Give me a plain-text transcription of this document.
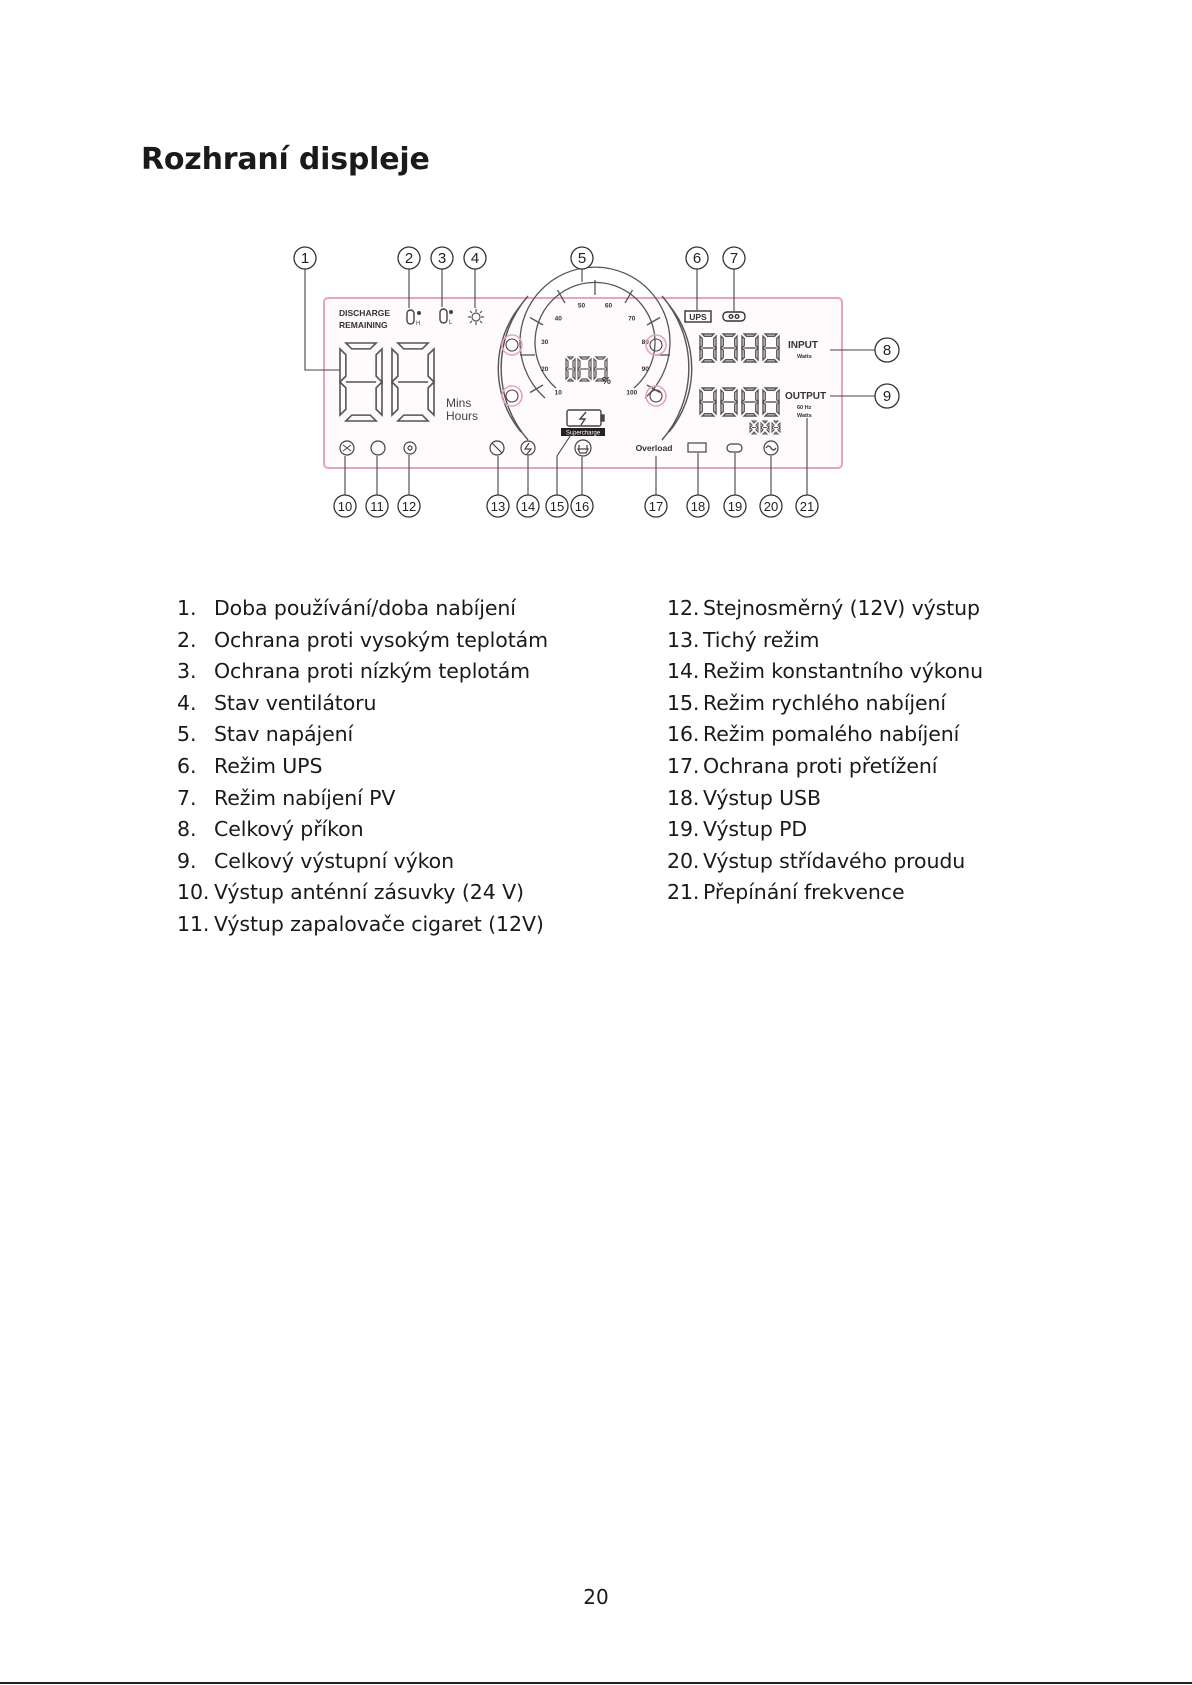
Rozhraní displeje
DISCHARGE
REMAINING
Mins
Hours
H	L
10
20
30
40
50	60
70
80
90
100
%
Supercharge
UPS
INPUT
Watts
OUTPUT
60 Hz
Watts
Overload
1	2 3 4	5	6 7
8
9
10 11 12	13 14 15 16	17 18 19 20 21
1. Doba používání/doba nabíjení
2. Ochrana proti vysokým teplotám
3. Ochrana proti nízkým teplotám
4. Stav ventilátoru
5. Stav napájení
6. Režim UPS
7. Režim nabíjení PV
8. Celkový příkon
9. Celkový výstupní výkon
10. Výstup anténní zásuvky (24 V)
11. Výstup zapalovače cigaret (12V)
12. Stejnosměrný (12V) výstup
13. Tichý režim
14. Režim konstantního výkonu
15. Režim rychlého nabíjení
16. Režim pomalého nabíjení
17. Ochrana proti přetížení
18. Výstup USB
19. Výstup PD
20. Výstup střídavého proudu
21. Přepínání frekvence
20
